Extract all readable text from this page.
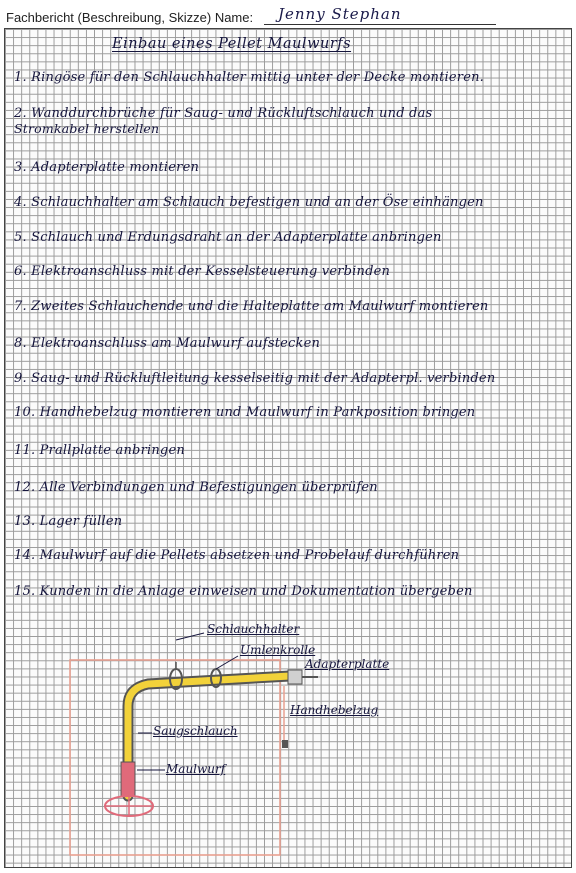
Fachbericht (Beschreibung, Skizze) Name: Jenny Stephan
Einbau eines Pellet Maulwurfs
1. Ringöse für den Schlauchhalter mittig unter der Decke montieren.
2. Wanddurchbrüche für Saug- und Rückluftschlauch und das
Stromkabel herstellen
3. Adapterplatte montieren
4. Schlauchhalter am Schlauch befestigen und an der Öse einhängen
5. Schlauch und Erdungsdraht an der Adapterplatte anbringen
6. Elektroanschluss mit der Kesselsteuerung verbinden
7. Zweites Schlauchende und die Halteplatte am Maulwurf montieren
8. Elektroanschluss am Maulwurf aufstecken
9. Saug- und Rückluftleitung kesselseitig mit der Adapterpl. verbinden
10. Handhebelzug montieren und Maulwurf in Parkposition bringen
11. Prallplatte anbringen
12. Alle Verbindungen und Befestigungen überprüfen
13. Lager füllen
14. Maulwurf auf die Pellets absetzen und Probelauf durchführen
15. Kunden in die Anlage einweisen und Dokumentation übergeben
Schlauchhalter
Umlenkrolle
Adapterplatte
Handhebelzug
Saugschlauch
Maulwurf
